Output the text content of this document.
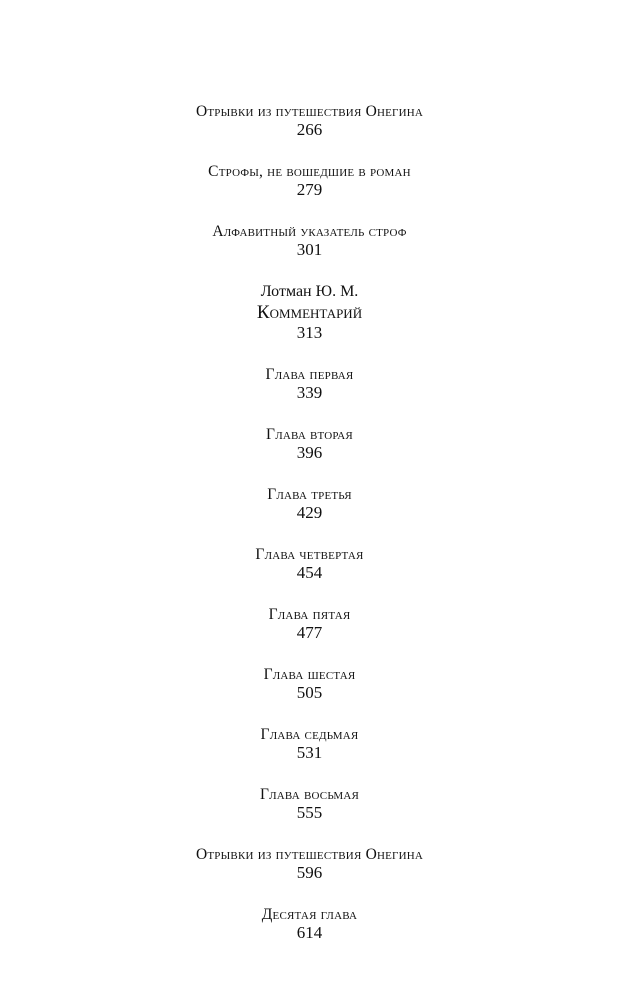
Отрывки из путешествия Онегина
266
Строфы, не вошедшие в роман
279
Алфавитный указатель строф
301
Лотман Ю. М.
Комментарий
313
Глава первая
339
Глава вторая
396
Глава третья
429
Глава четвертая
454
Глава пятая
477
Глава шестая
505
Глава седьмая
531
Глава восьмая
555
Отрывки из путешествия Онегина
596
Десятая глава
614
